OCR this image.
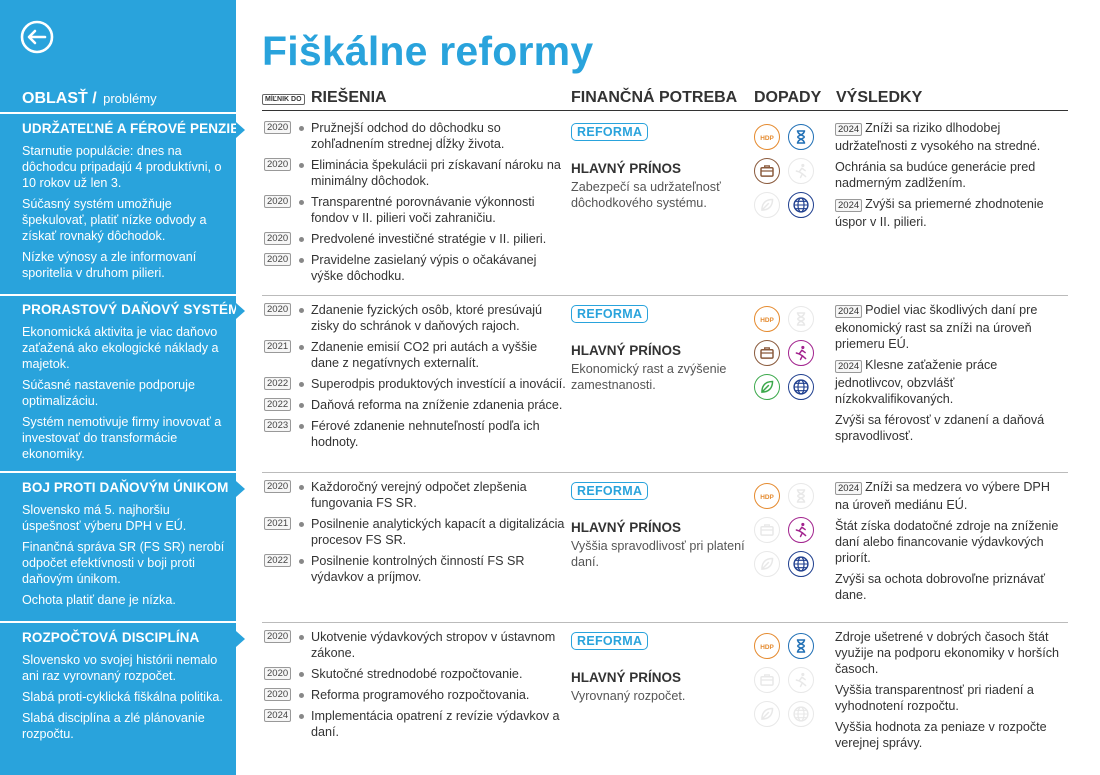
OBLASŤ / problémy
UDRŽATEĽNÉ A FÉROVÉ PENZIE
Starnutie populácie: dnes na dôchodcu pripadajú 4 produktívni, o 10 rokov už len 3.
Súčasný systém umožňuje špekulovať, platiť nízke odvody a získať rovnaký dôchodok.
Nízke výnosy a zle informovaní sporitelia v druhom pilieri.
PRORASTOVÝ DAŇOVÝ SYSTÉM
Ekonomická aktivita je viac daňovo zaťažená ako ekologické náklady a majetok.
Súčasné nastavenie podporuje optimalizáciu.
Systém nemotivuje firmy inovovať a investovať do transformácie ekonomiky.
BOJ PROTI DAŇOVÝM ÚNIKOM
Slovensko má 5. najhoršiu úspešnosť výberu DPH v EÚ.
Finančná správa SR (FS SR) nerobí odpočet efektívnosti v boji proti daňovým únikom.
Ochota platiť dane je nízka.
ROZPOČTOVÁ DISCIPLÍNA
Slovensko vo svojej histórii nemalo ani raz vyrovnaný rozpočet.
Slabá proti-cyklická fiškálna politika.
Slabá disciplína a zlé plánovanie rozpočtu.
Fiškálne reformy
MÍĽNIK DO RIEŠENIA	FINANČNÁ POTREBA DOPADY VÝSLEDKY
2020 Pružnejší odchod do dôchodku so zohľadnením strednej dĺžky života.
2020 Eliminácia špekulácii pri získavaní nároku na minimálny dôchodok.
2020 Transparentné porovnávanie výkonnosti fondov v II. pilieri voči zahraničiu.
2020 Predvolené investičné stratégie v II. pilieri.
2020 Pravidelne zasielaný výpis o očakávanej výške dôchodku.
REFORMA
HLAVNÝ PRÍNOS
Zabezpečí sa udržateľnosť dôchodkového systému.
HDP
2024 Zníži sa riziko dlhodobej udržateľnosti z vysokého na stredné.
Ochránia sa budúce generácie pred nadmerným zadlžením.
2024 Zvýši sa priemerné zhodnotenie úspor v II. pilieri.
2020 Zdanenie fyzických osôb, ktoré presúvajú zisky do schránok v daňových rajoch.
2021 Zdanenie emisií CO2 pri autách a vyššie dane z negatívnych externalít.
2022 Superodpis produktových investícií a inovácií.
2022 Daňová reforma na zníženie zdanenia práce.
2023 Férové zdanenie nehnuteľností podľa ich hodnoty.
REFORMA
HLAVNÝ PRÍNOS
Ekonomický rast a zvýšenie zamestnanosti.
HDP
2024 Podiel viac škodlivých daní pre ekonomický rast sa zníži na úroveň priemeru EÚ.
2024 Klesne zaťaženie práce jednotlivcov, obzvlášť nízkokvalifikovaných.
Zvýši sa férovosť v zdanení a daňová spravodlivosť.
2020 Každoročný verejný odpočet zlepšenia fungovania FS SR.
2021 Posilnenie analytických kapacít a digitalizácia procesov FS SR.
2022 Posilnenie kontrolných činností FS SR výdavkov a príjmov.
REFORMA
HLAVNÝ PRÍNOS
Vyššia spravodlivosť pri platení daní.
HDP
2024 Zníži sa medzera vo výbere DPH na úroveň mediánu EÚ.
Štát získa dodatočné zdroje na zníženie daní alebo financovanie výdavkových priorít.
Zvýši sa ochota dobrovoľne priznávať dane.
2020 Ukotvenie výdavkových stropov v ústavnom zákone.
2020 Skutočné strednodobé rozpočtovanie.
2020 Reforma programového rozpočtovania.
2024 Implementácia opatrení z revízie výdavkov a daní.
REFORMA
HLAVNÝ PRÍNOS
Vyrovnaný rozpočet.
HDP
Zdroje ušetrené v dobrých časoch štát využije na podporu ekonomiky v horších časoch.
Vyššia transparentnosť pri riadení a vyhodnotení rozpočtu.
Vyššia hodnota za peniaze v rozpočte verejnej správy.
